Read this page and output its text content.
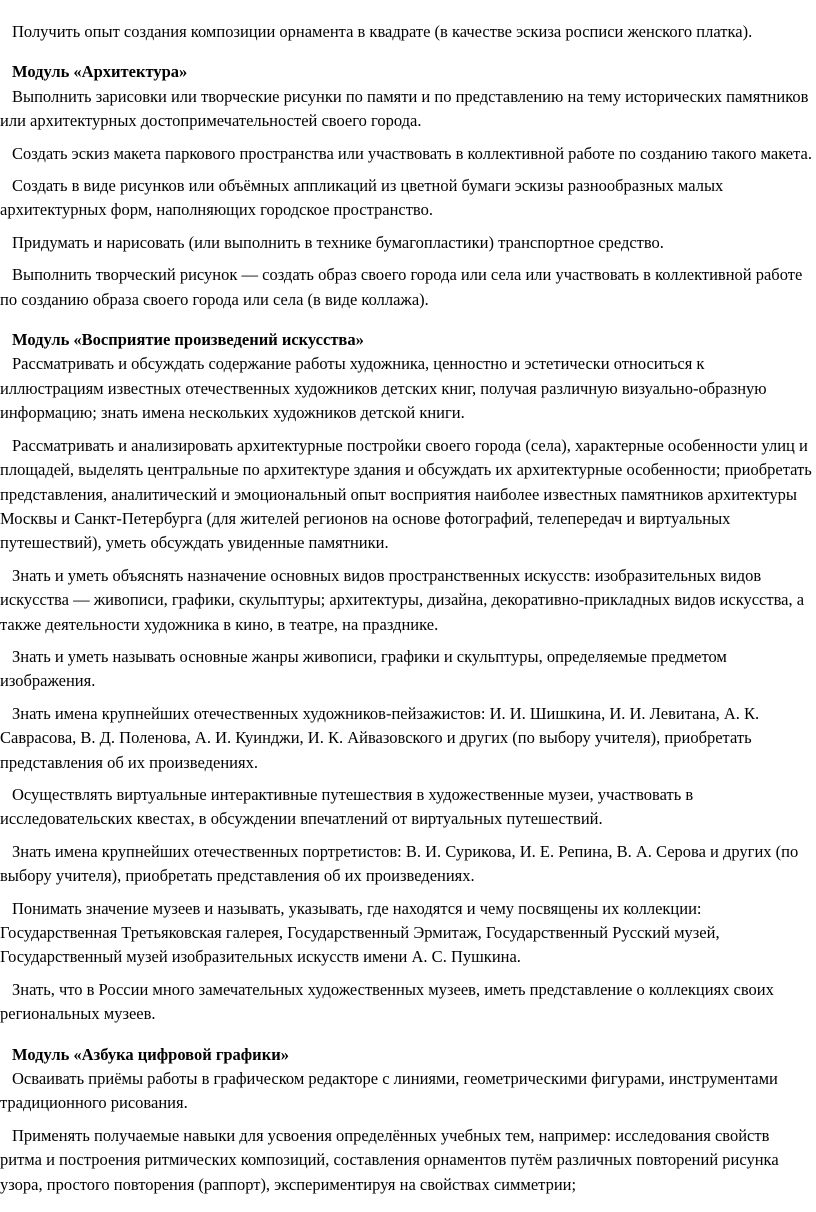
Получить опыт создания композиции орнамента в квадрате (в качестве эскиза росписи женского платка).

Модуль «Архитектура»

Выполнить зарисовки или творческие рисунки по памяти и по представлению на тему исторических памятников или архитектурных достопримечательностей своего города.

Создать эскиз макета паркового пространства или участвовать в коллективной работе по созданию такого макета.

Создать в виде рисунков или объёмных аппликаций из цветной бумаги эскизы разнообразных малых архитектурных форм, наполняющих городское пространство.

Придумать и нарисовать (или выполнить в технике бумагопластики) транспортное средство.

Выполнить творческий рисунок — создать образ своего города или села или участвовать в коллективной работе по созданию образа своего города или села (в виде коллажа).

Модуль «Восприятие произведений искусства»

Рассматривать и обсуждать содержание работы художника, ценностно и эстетически относиться к иллюстрациям известных отечественных художников детских книг, получая различную визуально-образную информацию; знать имена нескольких художников детской книги.

Рассматривать и анализировать архитектурные постройки своего города (села), характерные особенности улиц и площадей, выделять центральные по архитектуре здания и обсуждать их архитектурные особенности; приобретать представления, аналитический и эмоциональный опыт восприятия наиболее известных памятников архитектуры Москвы и Санкт-Петербурга (для жителей регионов на основе фотографий, телепередач и виртуальных путешествий), уметь обсуждать увиденные памятники.

Знать и уметь объяснять назначение основных видов пространственных искусств: изобразительных видов искусства — живописи, графики, скульптуры; архитектуры, дизайна, декоративно-прикладных видов искусства, а также деятельности художника в кино, в театре, на празднике.

Знать и уметь называть основные жанры живописи, графики и скульптуры, определяемые предметом изображения.

Знать имена крупнейших отечественных художников-пейзажистов: И. И. Шишкина, И. И. Левитана, А. К. Саврасова, В. Д. Поленова, А. И. Куинджи, И. К. Айвазовского и других (по выбору учителя), приобретать представления об их произведениях.

Осуществлять виртуальные интерактивные путешествия в художественные музеи, участвовать в исследовательских квестах, в обсуждении впечатлений от виртуальных путешествий.

Знать имена крупнейших отечественных портретистов: В. И. Сурикова, И. Е. Репина, В. А. Серова и других (по выбору учителя), приобретать представления об их произведениях.

Понимать значение музеев и называть, указывать, где находятся и чему посвящены их коллекции: Государственная Третьяковская галерея, Государственный Эрмитаж, Государственный Русский музей, Государственный музей изобразительных искусств имени А. С. Пушкина.

Знать, что в России много замечательных художественных музеев, иметь представление о коллекциях своих региональных музеев.

Модуль «Азбука цифровой графики»

Осваивать приёмы работы в графическом редакторе с линиями, геометрическими фигурами, инструментами традиционного рисования.

Применять получаемые навыки для усвоения определённых учебных тем, например: исследования свойств ритма и построения ритмических композиций, составления орнаментов путём различных повторений рисунка узора, простого повторения (раппорт), экспериментируя на свойствах симметрии;
